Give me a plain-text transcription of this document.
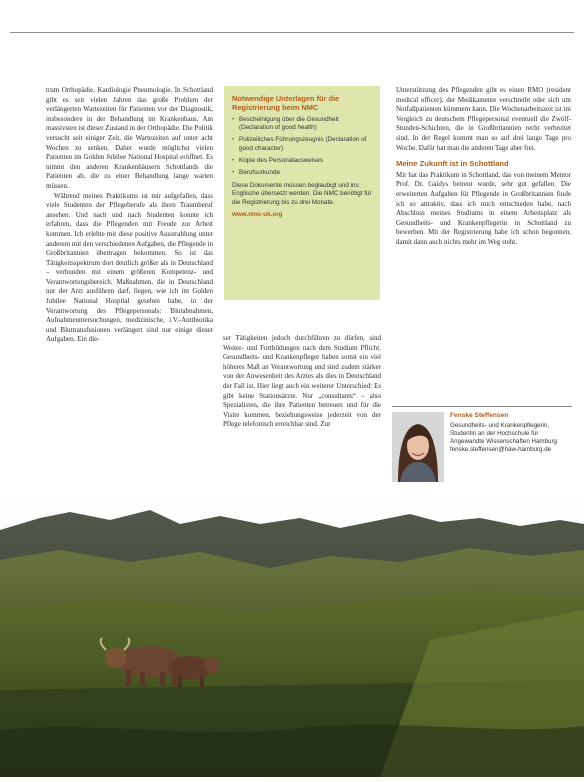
trum Orthopädie, Kardiologie Pneumologie. In Schottland gibt es seit vielen Jahren das große Problem der verlängerten Wartezeiten für Patienten vor der Diagnostik, insbesondere in der Behandlung im Krankenhaus. Am massivsten ist dieser Zustand in der Orthopädie. Die Politik versucht seit einiger Zeit, die Wartezeiten auf unter acht Wochen zu senken. Daher wurde möglichst vielen Patienten im Golden Jubilee National Hospital eröffnet. Es nimmt den anderen Krankenhäusern Schottlands die Patienten ab, die zu einer Behandlung lange warten müssen.

Während meines Praktikums ist mir aufgefallen, dass viele Studenten der Pflegeberufe als ihren Traumberuf ansehen. Und nach und nach Studenten konnte ich erfahren, dass die Pflegenden mit Freude zur Arbeit kommen. Ich erlebte mit diese positive Ausstrahlung unter anderem mit den verschiedenen Aufgaben, die Pflegende in Großbritannien übertragen bekommen. So ist das Tätigkeitsspektrum dort deutlich größer als in Deutschland – verbunden mit einem größeren Kompetenz- und Verantwortungsbereich. Maßnahmen, die in Deutschland nur der Arzt ausführen darf, liegen, wie ich im Golden Jubilee National Hospital gesehen habe, in der Verantwortung des Pflegepersonals: Blutabnahmen, Aufnahmeuntersuchungen, medizinische, i.V.-Antibiotika und Bluttransfusionen verlängert sind nur einige dieser Aufgaben. Ein die-

Notwendige Unterlagen für die Registrierung beim NMC
• Bescheinigung über die Gesundheit (Declaration of good health)
• Polizeiliches Führungszeugnis (Declaration of good character)
• Kopie des Personalausweises
• Berufsurkunde

Diese Dokumente müssen beglaubigt und ins Englische übersetzt werden. Die NMC benötigt für die Registrierung bis zu drei Monate.

www.nmc-uk.org

ser Tätigkeiten jedoch durchführen zu dürfen, sind Weiter- und Fortbildungen nach dem Studium Pflicht. Gesundheits- und Krankenpfleger haben somit ein viel höheres Maß an Verantwortung und sind zudem stärker von der Anwesenheit des Arztes als dies in Deutschland der Fall ist. Hier liegt auch ein weiterer Unterschied: Es gibt keine Stationsärzte. Nur „consultants“ – also Spezialisten, die ihre Patienten betreuen und für die Visite kommen, beziehungsweise jederzeit von der Pflege telefonisch erreichbar sind. Zur

Unterstützung des Pflegenden gibt es einen RMO (resident medical officer), der Medikamente verschreibt oder sich um Notfallpatienten kümmern kann. Die Wochenarbeitszeit ist im Vergleich zu deutschem Pflegepersonal eventuell die Zwölf-Stunden-Schichten, die in Großbritannien recht verbreitet sind. In der Regel kommt man so auf drei lange Tage pro Woche. Dafür hat man die anderen Tage aber frei.

Meine Zukunft ist in Schottland

Mir hat das Praktikum in Schottland, das von meinem Mentor Prof. Dr. Gaidys betreut wurde, sehr gut gefallen. Die erweiterten Aufgaben für Pflegende in Großbritannien finde ich so attraktiv, dass ich mich entschieden habe, nach Abschluss meines Studiums in einem Arbeitsplatz als Gesundheits- und Krankenpflegerin in Schottland zu bewerben. Mit der Registrierung habe ich schon begonnen, damit dann auch nichts mehr im Weg steht.

Fenske Steffensen
Gesundheits- und Krankenpflegerin, Studentin an der Hochschule für Angewandte Wissenschaften Hamburg fenske.steffensen@haw-hamburg.de
